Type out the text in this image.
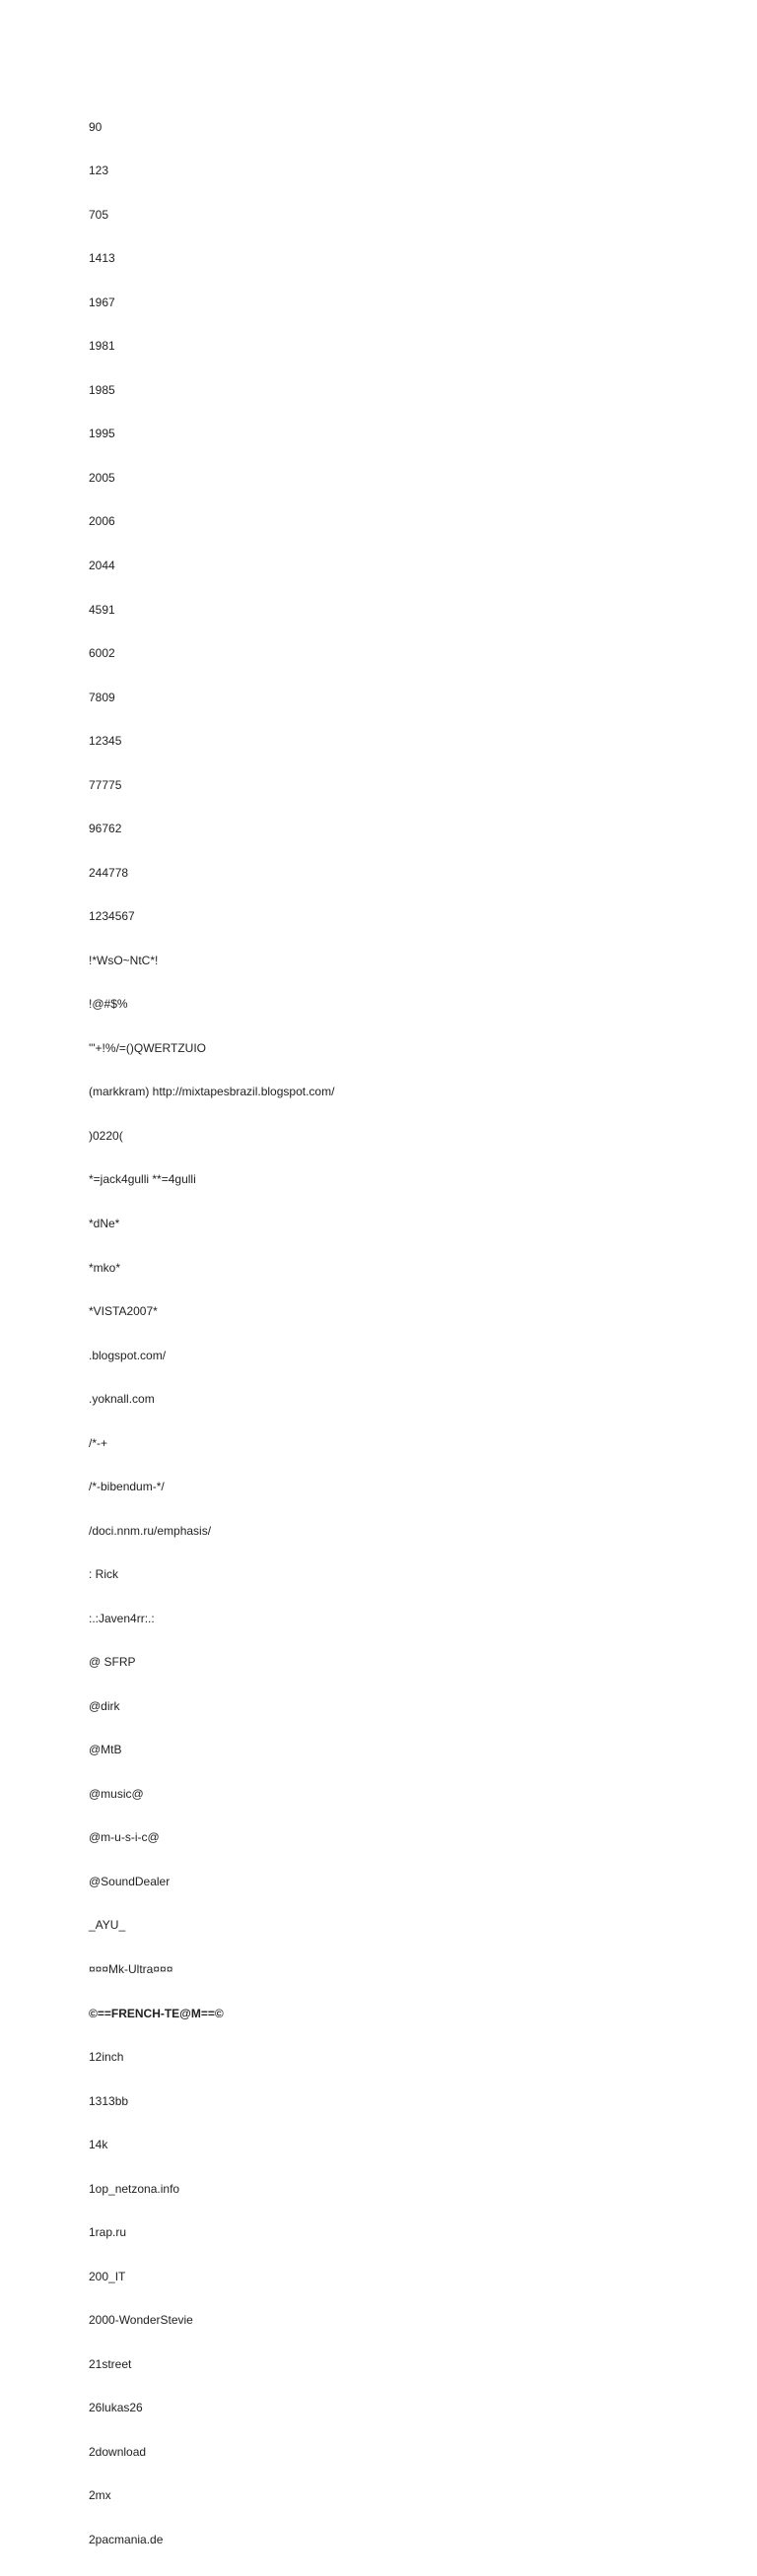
90

123

705

1413

1967

1981

1985

1995

2005

2006

2044

4591

6002

7809

12345

77775

96762

244778

1234567

!*WsO~NtC*!

!@#$%

'"+!%/=()QWERTZUIO

(markkram) http://mixtapesbrazil.blogspot.com/

)0220(

*=jack4gulli **=4gulli

*dNe*

*mko*

*VISTA2007*

.blogspot.com/

.yoknall.com

/*-+

/*-bibendum-*/

/doci.nnm.ru/emphasis/

: Rick

:.:Javen4rr:.:

@ SFRP

@dirk

@MtB

@music@

@m-u-s-i-c@

@SoundDealer

_AYU_

¤¤¤Mk-Ultra¤¤¤

©==FRENCH-TE@M==©

12inch

1313bb

14k

1op_netzona.info

1rap.ru

200_IT

2000-WonderStevie

21street

26lukas26

2download

2mx

2pacmania.de
